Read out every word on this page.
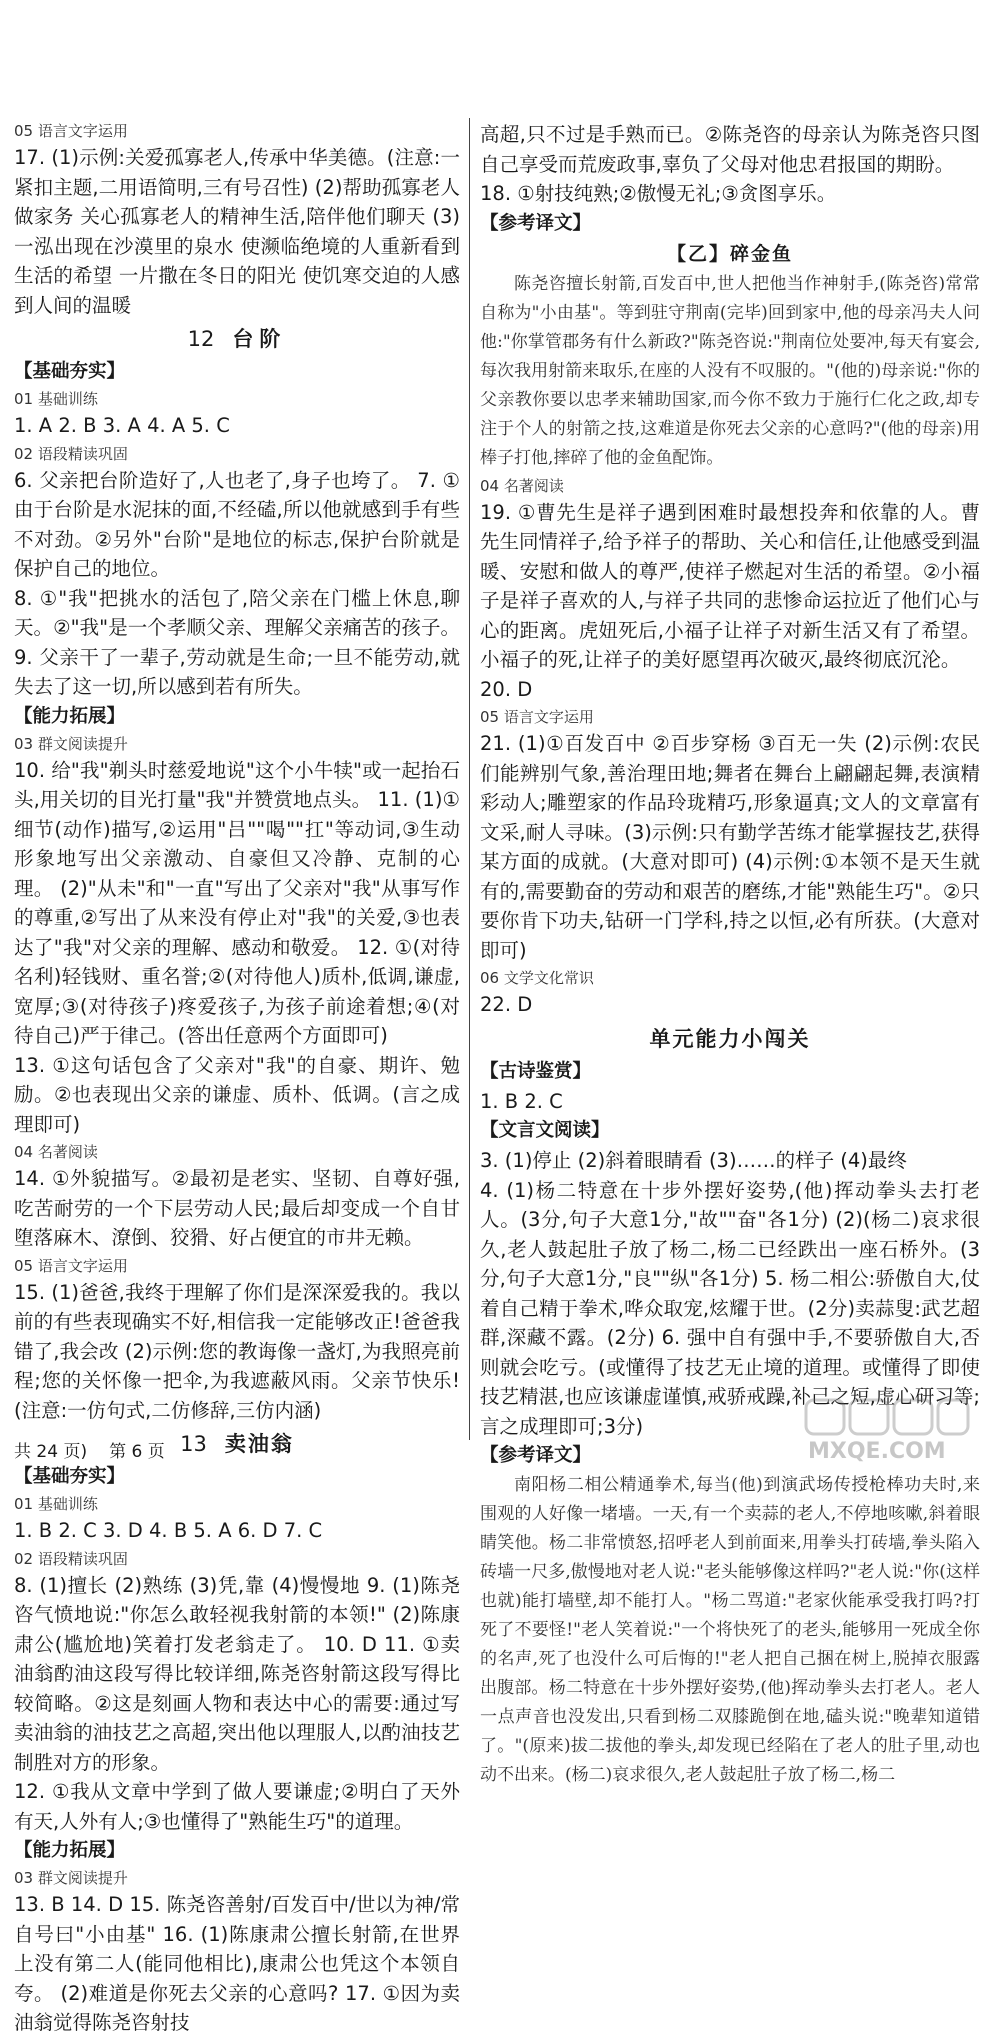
05 语言文字运用

17. (1)示例:关爱孤寡老人,传承中华美德。(注意:一紧扣主题,二用语简明,三有号召性) (2)帮助孤寡老人做家务 关心孤寡老人的精神生活,陪伴他们聊天 (3)一泓出现在沙漠里的泉水 使濒临绝境的人重新看到生活的希望 一片撒在冬日的阳光 使饥寒交迫的人感到人间的温暖

12 台阶

【基础夯实】

01 基础训练

1. A 2. B 3. A 4. A 5. C

02 语段精读巩固

6. 父亲把台阶造好了,人也老了,身子也垮了。 7. ①由于台阶是水泥抹的面,不经磕,所以他就感到手有些不对劲。②另外"台阶"是地位的标志,保护台阶就是保护自己的地位。

8. ①"我"把挑水的活包了,陪父亲在门槛上休息,聊天。②"我"是一个孝顺父亲、理解父亲痛苦的孩子。 9. 父亲干了一辈子,劳动就是生命;一旦不能劳动,就失去了这一切,所以感到若有所失。

【能力拓展】

03 群文阅读提升

10. 给"我"剃头时慈爱地说"这个小牛犊"或一起抬石头,用关切的目光打量"我"并赞赏地点头。 11. (1)①细节(动作)描写,②运用"吕""喝""扛"等动词,③生动形象地写出父亲激动、自豪但又冷静、克制的心理。 (2)"从未"和"一直"写出了父亲对"我"从事写作的尊重,②写出了从来没有停止对"我"的关爱,③也表达了"我"对父亲的理解、感动和敬爱。 12. ①(对待名利)轻钱财、重名誉;②(对待他人)质朴,低调,谦虚,宽厚;③(对待孩子)疼爱孩子,为孩子前途着想;④(对待自己)严于律己。(答出任意两个方面即可)

13. ①这句话包含了父亲对"我"的自豪、期许、勉励。②也表现出父亲的谦虚、质朴、低调。(言之成理即可)

04 名著阅读

14. ①外貌描写。②最初是老实、坚韧、自尊好强,吃苦耐劳的一个下层劳动人民;最后却变成一个自甘堕落麻木、潦倒、狡猾、好占便宜的市井无赖。

05 语言文字运用

15. (1)爸爸,我终于理解了你们是深深爱我的。我以前的有些表现确实不好,相信我一定能够改正!爸爸我错了,我会改 (2)示例:您的教诲像一盏灯,为我照亮前程;您的关怀像一把伞,为我遮蔽风雨。父亲节快乐!(注意:一仿句式,二仿修辞,三仿内涵)

13 卖油翁

【基础夯实】

01 基础训练

1. B 2. C 3. D 4. B 5. A 6. D 7. C

02 语段精读巩固

8. (1)擅长 (2)熟练 (3)凭,靠 (4)慢慢地 9. (1)陈尧咨气愤地说:"你怎么敢轻视我射箭的本领!" (2)陈康肃公(尴尬地)笑着打发老翁走了。 10. D 11. ①卖油翁酌油这段写得比较详细,陈尧咨射箭这段写得比较简略。②这是刻画人物和表达中心的需要:通过写卖油翁的油技艺之高超,突出他以理服人,以酌油技艺制胜对方的形象。

12. ①我从文章中学到了做人要谦虚;②明白了天外有天,人外有人;③也懂得了"熟能生巧"的道理。

【能力拓展】

03 群文阅读提升

13. B 14. D 15. 陈尧咨善射/百发百中/世以为神/常自号曰"小由基" 16. (1)陈康肃公擅长射箭,在世界上没有第二人(能同他相比),康肃公也凭这个本领自夸。 (2)难道是你死去父亲的心意吗? 17. ①因为卖油翁觉得陈尧咨射技

高超,只不过是手熟而已。②陈尧咨的母亲认为陈尧咨只图自己享受而荒废政事,辜负了父母对他忠君报国的期盼。

18. ①射技纯熟;②傲慢无礼;③贪图享乐。

【参考译文】

【乙】碎金鱼

陈尧咨擅长射箭,百发百中,世人把他当作神射手,(陈尧咨)常常自称为"小由基"。等到驻守荆南(完毕)回到家中,他的母亲冯夫人问他:"你掌管郡务有什么新政?"陈尧咨说:"荆南位处要冲,每天有宴会,每次我用射箭来取乐,在座的人没有不叹服的。"(他的)母亲说:"你的父亲教你要以忠孝来辅助国家,而今你不致力于施行仁化之政,却专注于个人的射箭之技,这难道是你死去父亲的心意吗?"(他的母亲)用棒子打他,摔碎了他的金鱼配饰。

04 名著阅读

19. ①曹先生是祥子遇到困难时最想投奔和依靠的人。曹先生同情祥子,给予祥子的帮助、关心和信任,让他感受到温暖、安慰和做人的尊严,使祥子燃起对生活的希望。②小福子是祥子喜欢的人,与祥子共同的悲惨命运拉近了他们心与心的距离。虎妞死后,小福子让祥子对新生活又有了希望。小福子的死,让祥子的美好愿望再次破灭,最终彻底沉沦。

20. D

05 语言文字运用

21. (1)①百发百中 ②百步穿杨 ③百无一失 (2)示例:农民们能辨别气象,善治理田地;舞者在舞台上翩翩起舞,表演精彩动人;雕塑家的作品玲珑精巧,形象逼真;文人的文章富有文采,耐人寻味。(3)示例:只有勤学苦练才能掌握技艺,获得某方面的成就。(大意对即可) (4)示例:①本领不是天生就有的,需要勤奋的劳动和艰苦的磨练,才能"熟能生巧"。②只要你肯下功夫,钻研一门学科,持之以恒,必有所获。(大意对即可)

06 文学文化常识

22. D

单元能力小闯关

【古诗鉴赏】

1. B 2. C

【文言文阅读】

3. (1)停止 (2)斜着眼睛看 (3)……的样子 (4)最终

4. (1)杨二特意在十步外摆好姿势,(他)挥动拳头去打老人。(3分,句子大意1分,"故""奋"各1分) (2)(杨二)哀求很久,老人鼓起肚子放了杨二,杨二已经跌出一座石桥外。(3分,句子大意1分,"良""纵"各1分) 5. 杨二相公:骄傲自大,仗着自己精于拳术,哗众取宠,炫耀于世。(2分)卖蒜叟:武艺超群,深藏不露。(2分) 6. 强中自有强中手,不要骄傲自大,否则就会吃亏。(或懂得了技艺无止境的道理。或懂得了即使技艺精湛,也应该谦虚谨慎,戒骄戒躁,补己之短,虚心研习等;言之成理即可;3分)

【参考译文】

南阳杨二相公精通拳术,每当(他)到演武场传授枪棒功夫时,来围观的人好像一堵墙。一天,有一个卖蒜的老人,不停地咳嗽,斜着眼睛笑他。杨二非常愤怒,招呼老人到前面来,用拳头打砖墙,拳头陷入砖墙一尺多,傲慢地对老人说:"老头能够像这样吗?"老人说:"你(这样也就)能打墙壁,却不能打人。"杨二骂道:"老家伙能承受我打吗?打死了不要怪!"老人笑着说:"一个将快死了的老头,能够用一死成全你的名声,死了也没什么可后悔的!"老人把自己捆在树上,脱掉衣服露出腹部。杨二特意在十步外摆好姿势,(他)挥动拳头去打老人。老人一点声音也没发出,只看到杨二双膝跪倒在地,磕头说:"晚辈知道错了。"(原来)拔二拔他的拳头,却发现已经陷在了老人的肚子里,动也动不出来。(杨二)哀求很久,老人鼓起肚子放了杨二,杨二

共 24 页) 第 6 页	MXQE.COM
